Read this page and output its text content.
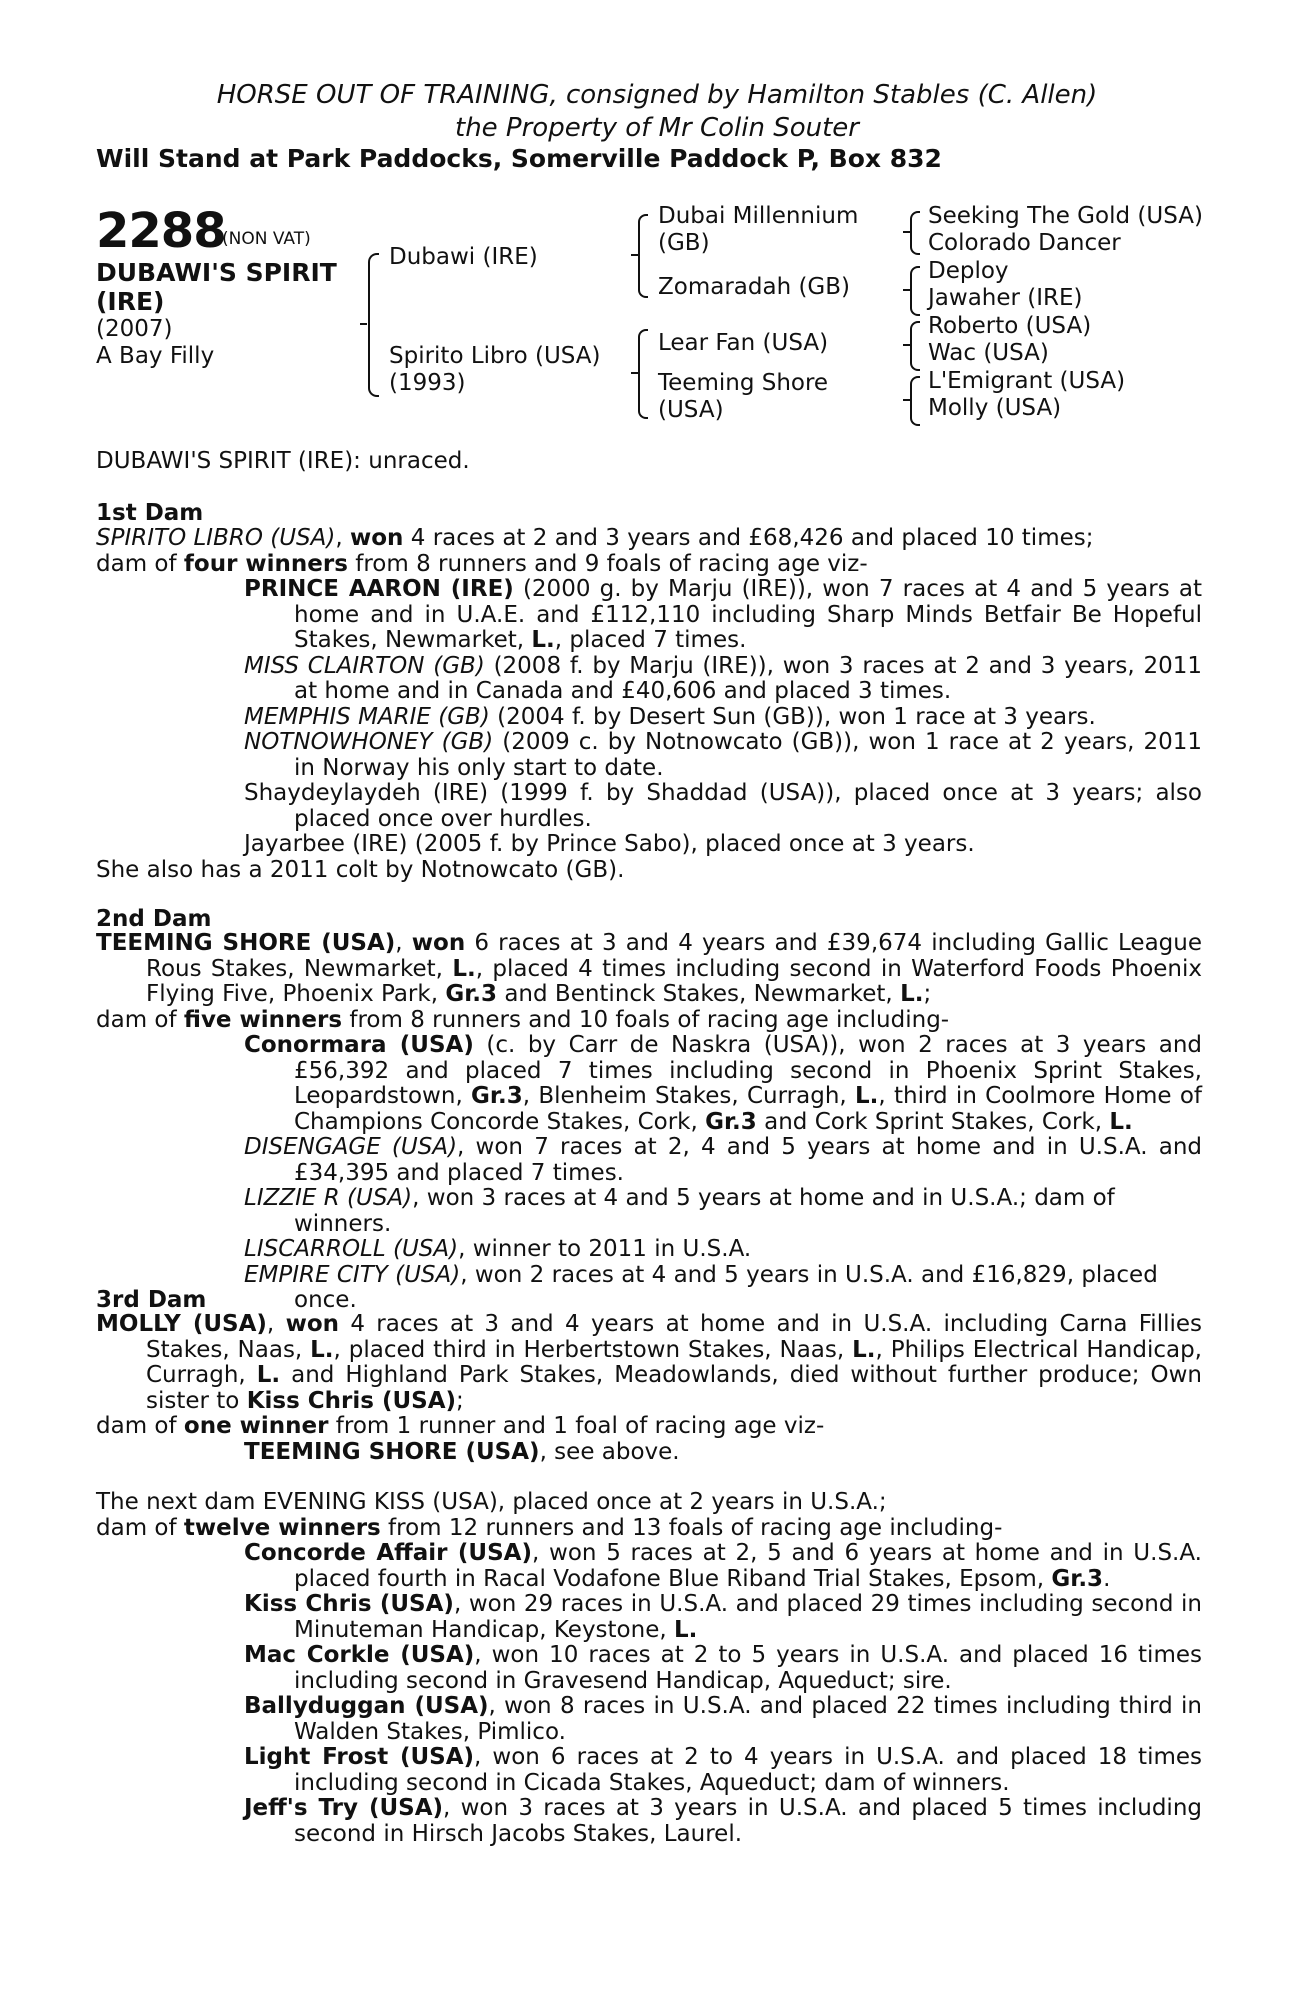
HORSE OUT OF TRAINING, consigned by Hamilton Stables (C. Allen)
the Property of Mr Colin Souter
Will Stand at Park Paddocks, Somerville Paddock P, Box 832
2288
(NON VAT)
DUBAWI'S SPIRIT
(IRE)
(2007)
A Bay Filly
Dubawi (IRE)
Spirito Libro (USA)
(1993)
Dubai Millennium
(GB)
Zomaradah (GB)
Lear Fan (USA)
Teeming Shore
(USA)
Seeking The Gold (USA)
Colorado Dancer
Deploy
Jawaher (IRE)
Roberto (USA)
Wac (USA)
L'Emigrant (USA)
Molly (USA)
DUBAWI'S SPIRIT (IRE): unraced.
1st Dam

SPIRITO LIBRO (USA), won 4 races at 2 and 3 years and £68,426 and placed 10 times;

dam of four winners from 8 runners and 9 foals of racing age viz-

PRINCE AARON (IRE) (2000 g. by Marju (IRE)), won 7 races at 4 and 5 years at home and in U.A.E. and £112,110 including Sharp Minds Betfair Be Hopeful Stakes, Newmarket, L., placed 7 times.

MISS CLAIRTON (GB) (2008 f. by Marju (IRE)), won 3 races at 2 and 3 years, 2011 at home and in Canada and £40,606 and placed 3 times.

MEMPHIS MARIE (GB) (2004 f. by Desert Sun (GB)), won 1 race at 3 years.

NOTNOWHONEY (GB) (2009 c. by Notnowcato (GB)), won 1 race at 2 years, 2011 in Norway his only start to date.

Shaydeylaydeh (IRE) (1999 f. by Shaddad (USA)), placed once at 3 years; also placed once over hurdles.

Jayarbee (IRE) (2005 f. by Prince Sabo), placed once at 3 years.

She also has a 2011 colt by Notnowcato (GB).

2nd Dam

TEEMING SHORE (USA), won 6 races at 3 and 4 years and £39,674 including Gallic League Rous Stakes, Newmarket, L., placed 4 times including second in Waterford Foods Phoenix Flying Five, Phoenix Park, Gr.3 and Bentinck Stakes, Newmarket, L.;

dam of five winners from 8 runners and 10 foals of racing age including-

Conormara (USA) (c. by Carr de Naskra (USA)), won 2 races at 3 years and £56,392 and placed 7 times including second in Phoenix Sprint Stakes, Leopardstown, Gr.3, Blenheim Stakes, Curragh, L., third in Coolmore Home of Champions Concorde Stakes, Cork, Gr.3 and Cork Sprint Stakes, Cork, L.

DISENGAGE (USA), won 7 races at 2, 4 and 5 years at home and in U.S.A. and £34,395 and placed 7 times.

LIZZIE R (USA), won 3 races at 4 and 5 years at home and in U.S.A.; dam of winners.

LISCARROLL (USA), winner to 2011 in U.S.A.

EMPIRE CITY (USA), won 2 races at 4 and 5 years in U.S.A. and £16,829, placed once.

3rd Dam

MOLLY (USA), won 4 races at 3 and 4 years at home and in U.S.A. including Carna Fillies Stakes, Naas, L., placed third in Herbertstown Stakes, Naas, L., Philips Electrical Handicap, Curragh, L. and Highland Park Stakes, Meadowlands, died without further produce; Own sister to Kiss Chris (USA);

dam of one winner from 1 runner and 1 foal of racing age viz-

TEEMING SHORE (USA), see above.

The next dam EVENING KISS (USA), placed once at 2 years in U.S.A.;

dam of twelve winners from 12 runners and 13 foals of racing age including-

Concorde Affair (USA), won 5 races at 2, 5 and 6 years at home and in U.S.A. placed fourth in Racal Vodafone Blue Riband Trial Stakes, Epsom, Gr.3.

Kiss Chris (USA), won 29 races in U.S.A. and placed 29 times including second in Minuteman Handicap, Keystone, L.

Mac Corkle (USA), won 10 races at 2 to 5 years in U.S.A. and placed 16 times including second in Gravesend Handicap, Aqueduct; sire.

Ballyduggan (USA), won 8 races in U.S.A. and placed 22 times including third in Walden Stakes, Pimlico.

Light Frost (USA), won 6 races at 2 to 4 years in U.S.A. and placed 18 times including second in Cicada Stakes, Aqueduct; dam of winners.

Jeff's Try (USA), won 3 races at 3 years in U.S.A. and placed 5 times including second in Hirsch Jacobs Stakes, Laurel.
